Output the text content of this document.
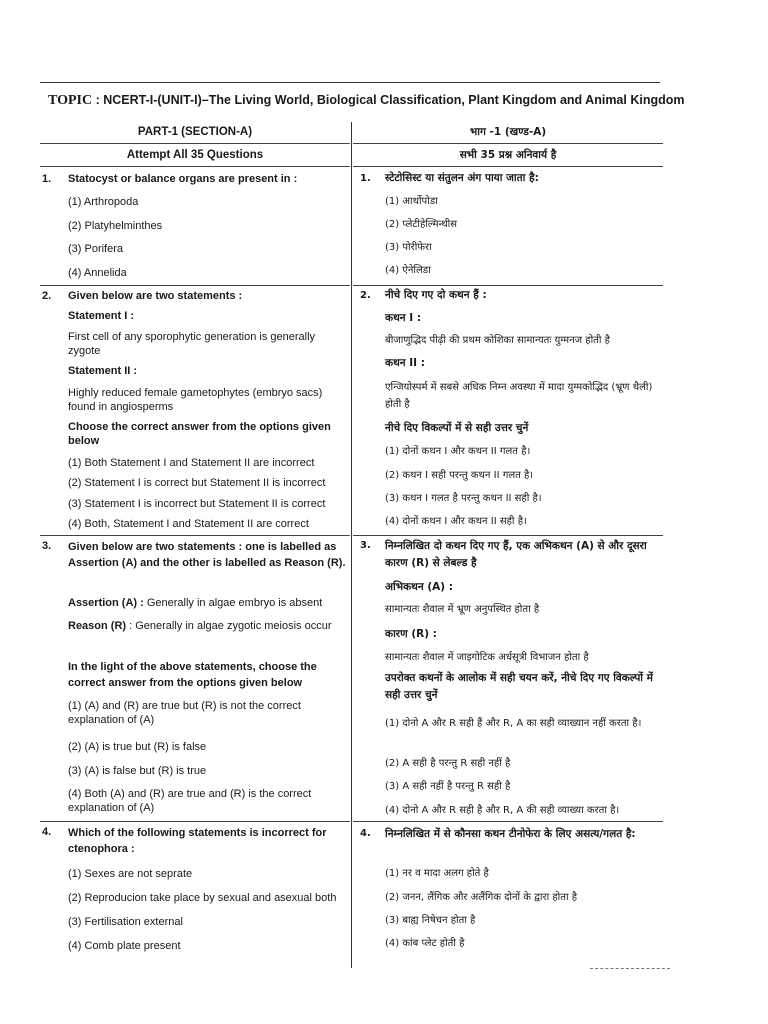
TOPIC : NCERT-I-(UNIT-I)–The Living World, Biological Classification, Plant Kingdom and Animal Kingdom
PART-1 (SECTION-A)
Attempt All 35 Questions
भाग -1 (खण्ड-A)
सभी 35 प्रश्न अनिवार्य है
1. Statocyst or balance organs are present in :
(1) Arthropoda
(2) Platyhelminthes
(3) Porifera
(4) Annelida
2. Given below are two statements :
Statement I :
First cell of any sporophytic generation is generally zygote
Statement II :
Highly reduced female gametophytes (embryo sacs) found in angiosperms
Choose the correct answer from the options given below
(1) Both Statement I and Statement II are incorrect
(2) Statement I is correct but Statement II is incorrect
(3) Statement I is incorrect but Statement II is correct
(4) Both, Statement I and Statement II are correct
3. Given below are two statements : one is labelled as Assertion (A) and the other is labelled as Reason (R).
Assertion (A) : Generally in algae embryo is absent
Reason (R) : Generally in algae zygotic meiosis occur
In the light of the above statements, choose the correct answer from the options given below
(1) (A) and (R) are true but (R) is not the correct explanation of (A)
(2) (A) is true but (R) is false
(3) (A) is false but (R) is true
(4) Both (A) and (R) are true and (R) is the correct explanation of (A)
4. Which of the following statements is incorrect for ctenophora :
(1) Sexes are not seprate
(2) Reproducion take place by sexual and asexual both
(3) Fertilisation external
(4) Comb plate present
1. स्टेटोसिस्ट या संतुलन अंग पाया जाता है:
(1) आर्थोपोडा
(2) प्लेटीहेल्मिन्थीस
(3) पोरीफेरा
(4) ऐनेलिडा
2. नीचे दिए गए दो कथन हैं :
कथन I :
बीजाणुद्भिद पीढ़ी की प्रथम कोशिका सामान्यतः युग्मनज होती है
कथन II :
एन्जियोस्पर्म में सबसे अधिक निम्न अवस्था में मादा युग्मकोद्भिद (भ्रूण थैली) होती है
नीचे दिए विकल्पों में से सही उत्तर चुनें
(1) दोनों कथन I और कथन II गलत है।
(2) कथन I सही परन्तु कथन II गलत है।
(3) कथन I गलत है परन्तु कथन II सही है।
(4) दोनों कथन I और कथन II सही है।
3. निम्नलिखित दो कथन दिए गए हैं, एक अभिकथन (A) से और दूसरा कारण (R) से लेबल्ड है
अभिकथन (A) :
सामान्यतः शैवाल में भ्रूण अनुपस्थित होता है
कारण (R) :
सामान्यतः शैवाल में जाइगोटिक अर्धसूत्री विभाजन होता है
उपरोक्त कथनों के आलोक में सही चयन करें, नीचे दिए गए विकल्पों में सही उत्तर चुनें
(1) दोनो A और R सही हैं और R, A का सही व्याख्यान नहीं करता है।
(2) A सही है परन्तु R सही नहीं है
(3) A सही नहीं है परन्तु R सही है
(4) दोनो A और R सही है और R, A की सही व्याख्या करता है।
4. निम्नलिखित में से कौनसा कथन टीनोफेरा के लिए असत्य/गलत है:
(1) नर व मादा अलग होते है
(2) जनन, लैंगिक और अलैंगिक दोनों के द्वारा होता है
(3) बाह्य निषेचन होता है
(4) कांब प्लेट होती है
